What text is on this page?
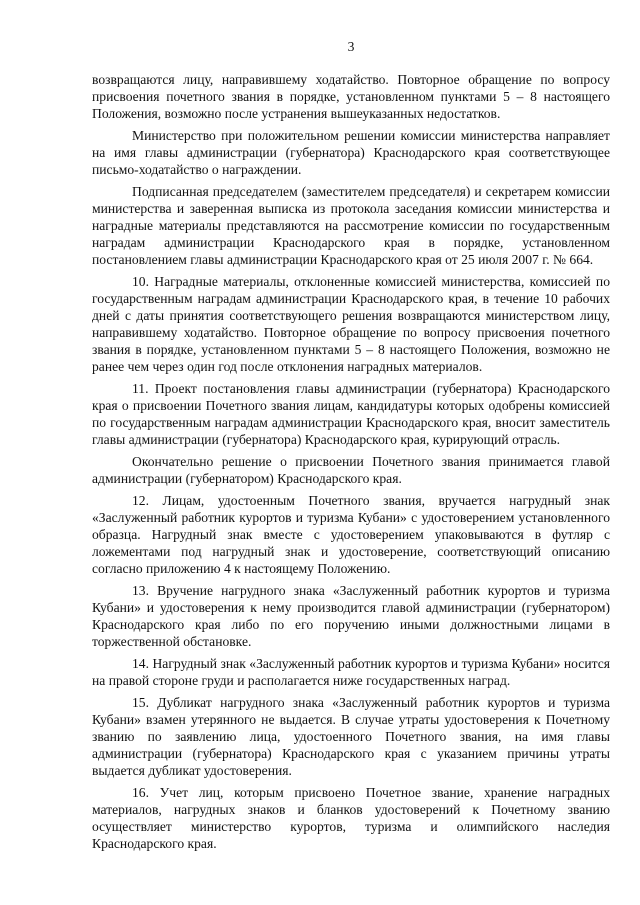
3

возвращаются лицу, направившему ходатайство. Повторное обращение по вопросу присвоения почетного звания в порядке, установленном пунктами 5 – 8 настоящего Положения, возможно после устранения вышеуказанных недостатков.

Министерство при положительном решении комиссии министерства направляет на имя главы администрации (губернатора) Краснодарского края соответствующее письмо-ходатайство о награждении.

Подписанная председателем (заместителем председателя) и секретарем комиссии министерства и заверенная выписка из протокола заседания комиссии министерства и наградные материалы представляются на рассмотрение комиссии по государственным наградам администрации Краснодарского края в порядке, установленном постановлением главы администрации Краснодарского края от 25 июля 2007 г. № 664.

10. Наградные материалы, отклоненные комиссией министерства, комиссией по государственным наградам администрации Краснодарского края, в течение 10 рабочих дней с даты принятия соответствующего решения возвращаются министерством лицу, направившему ходатайство. Повторное обращение по вопросу присвоения почетного звания в порядке, установленном пунктами 5 – 8 настоящего Положения, возможно не ранее чем через один год после отклонения наградных материалов.

11. Проект постановления главы администрации (губернатора) Краснодарского края о присвоении Почетного звания лицам, кандидатуры которых одобрены комиссией по государственным наградам администрации Краснодарского края, вносит заместитель главы администрации (губернатора) Краснодарского края, курирующий отрасль.

Окончательно решение о присвоении Почетного звания принимается главой администрации (губернатором) Краснодарского края.

12. Лицам, удостоенным Почетного звания, вручается нагрудный знак «Заслуженный работник курортов и туризма Кубани» с удостоверением установленного образца. Нагрудный знак вместе с удостоверением упаковываются в футляр с ложементами под нагрудный знак и удостоверение, соответствующий описанию согласно приложению 4 к настоящему Положению.

13. Вручение нагрудного знака «Заслуженный работник курортов и туризма Кубани» и удостоверения к нему производится главой администрации (губернатором) Краснодарского края либо по его поручению иными должностными лицами в торжественной обстановке.

14. Нагрудный знак «Заслуженный работник курортов и туризма Кубани» носится на правой стороне груди и располагается ниже государственных наград.

15. Дубликат нагрудного знака «Заслуженный работник курортов и туризма Кубани» взамен утерянного не выдается. В случае утраты удостоверения к Почетному званию по заявлению лица, удостоенного Почетного звания, на имя главы администрации (губернатора) Краснодарского края с указанием причины утраты выдается дубликат удостоверения.

16. Учет лиц, которым присвоено Почетное звание, хранение наградных материалов, нагрудных знаков и бланков удостоверений к Почетному званию осуществляет министерство курортов, туризма и олимпийского наследия Краснодарского края.
